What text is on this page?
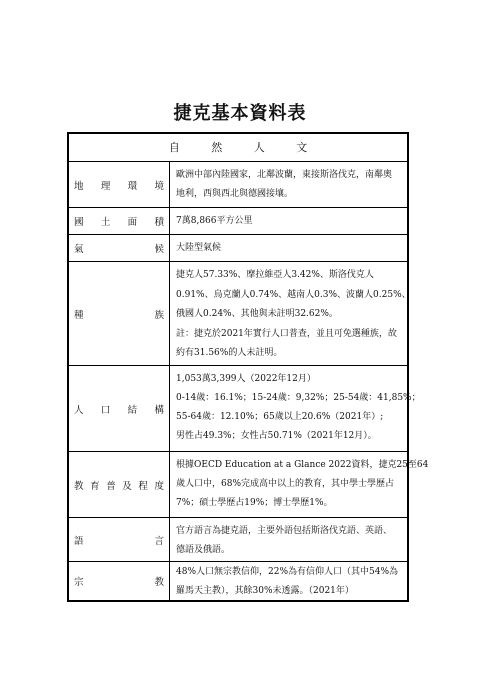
捷克基本資料表
自 然 人 文
地 理 環 境
歐洲中部內陸國家，北鄰波蘭，東接斯洛伐克，南鄰奧
地利，西與西北與德國接壤。
國 土 面 積 7萬8,866平方公里
氣 候 大陸型氣候
種 族
捷克人57.33%、摩拉維亞人3.42%、斯洛伐克人
0.91%、烏克蘭人0.74%、越南人0.3%、波蘭人0.25%、
俄國人0.24%、其他與未註明32.62%。
註：捷克於2021年實行人口普查，並且可免選種族，故
約有31.56%的人未註明。
人 口 結 構
1,053萬3,399人（2022年12月）
0-14歲：16.1%；15-24歲：9,32%；25-54歲：41,85%；
55-64歲：12.10%；65歲以上20.6%（2021年）;
男性占49.3%；女性占50.71%（2021年12月）。
教 育 普 及 程 度
根據OECD Education at a Glance 2022資料，捷克25至64
歲人口中，68%完成高中以上的教育，其中學士學歷占
7%；碩士學歷占19%；博士學歷1%。
語 言
官方語言為捷克語，主要外語包括斯洛伐克語、英語、
德語及俄語。
宗 教
48%人口無宗教信仰，22%為有信仰人口（其中54%為
羅馬天主教），其餘30%未透露。（2021年）
